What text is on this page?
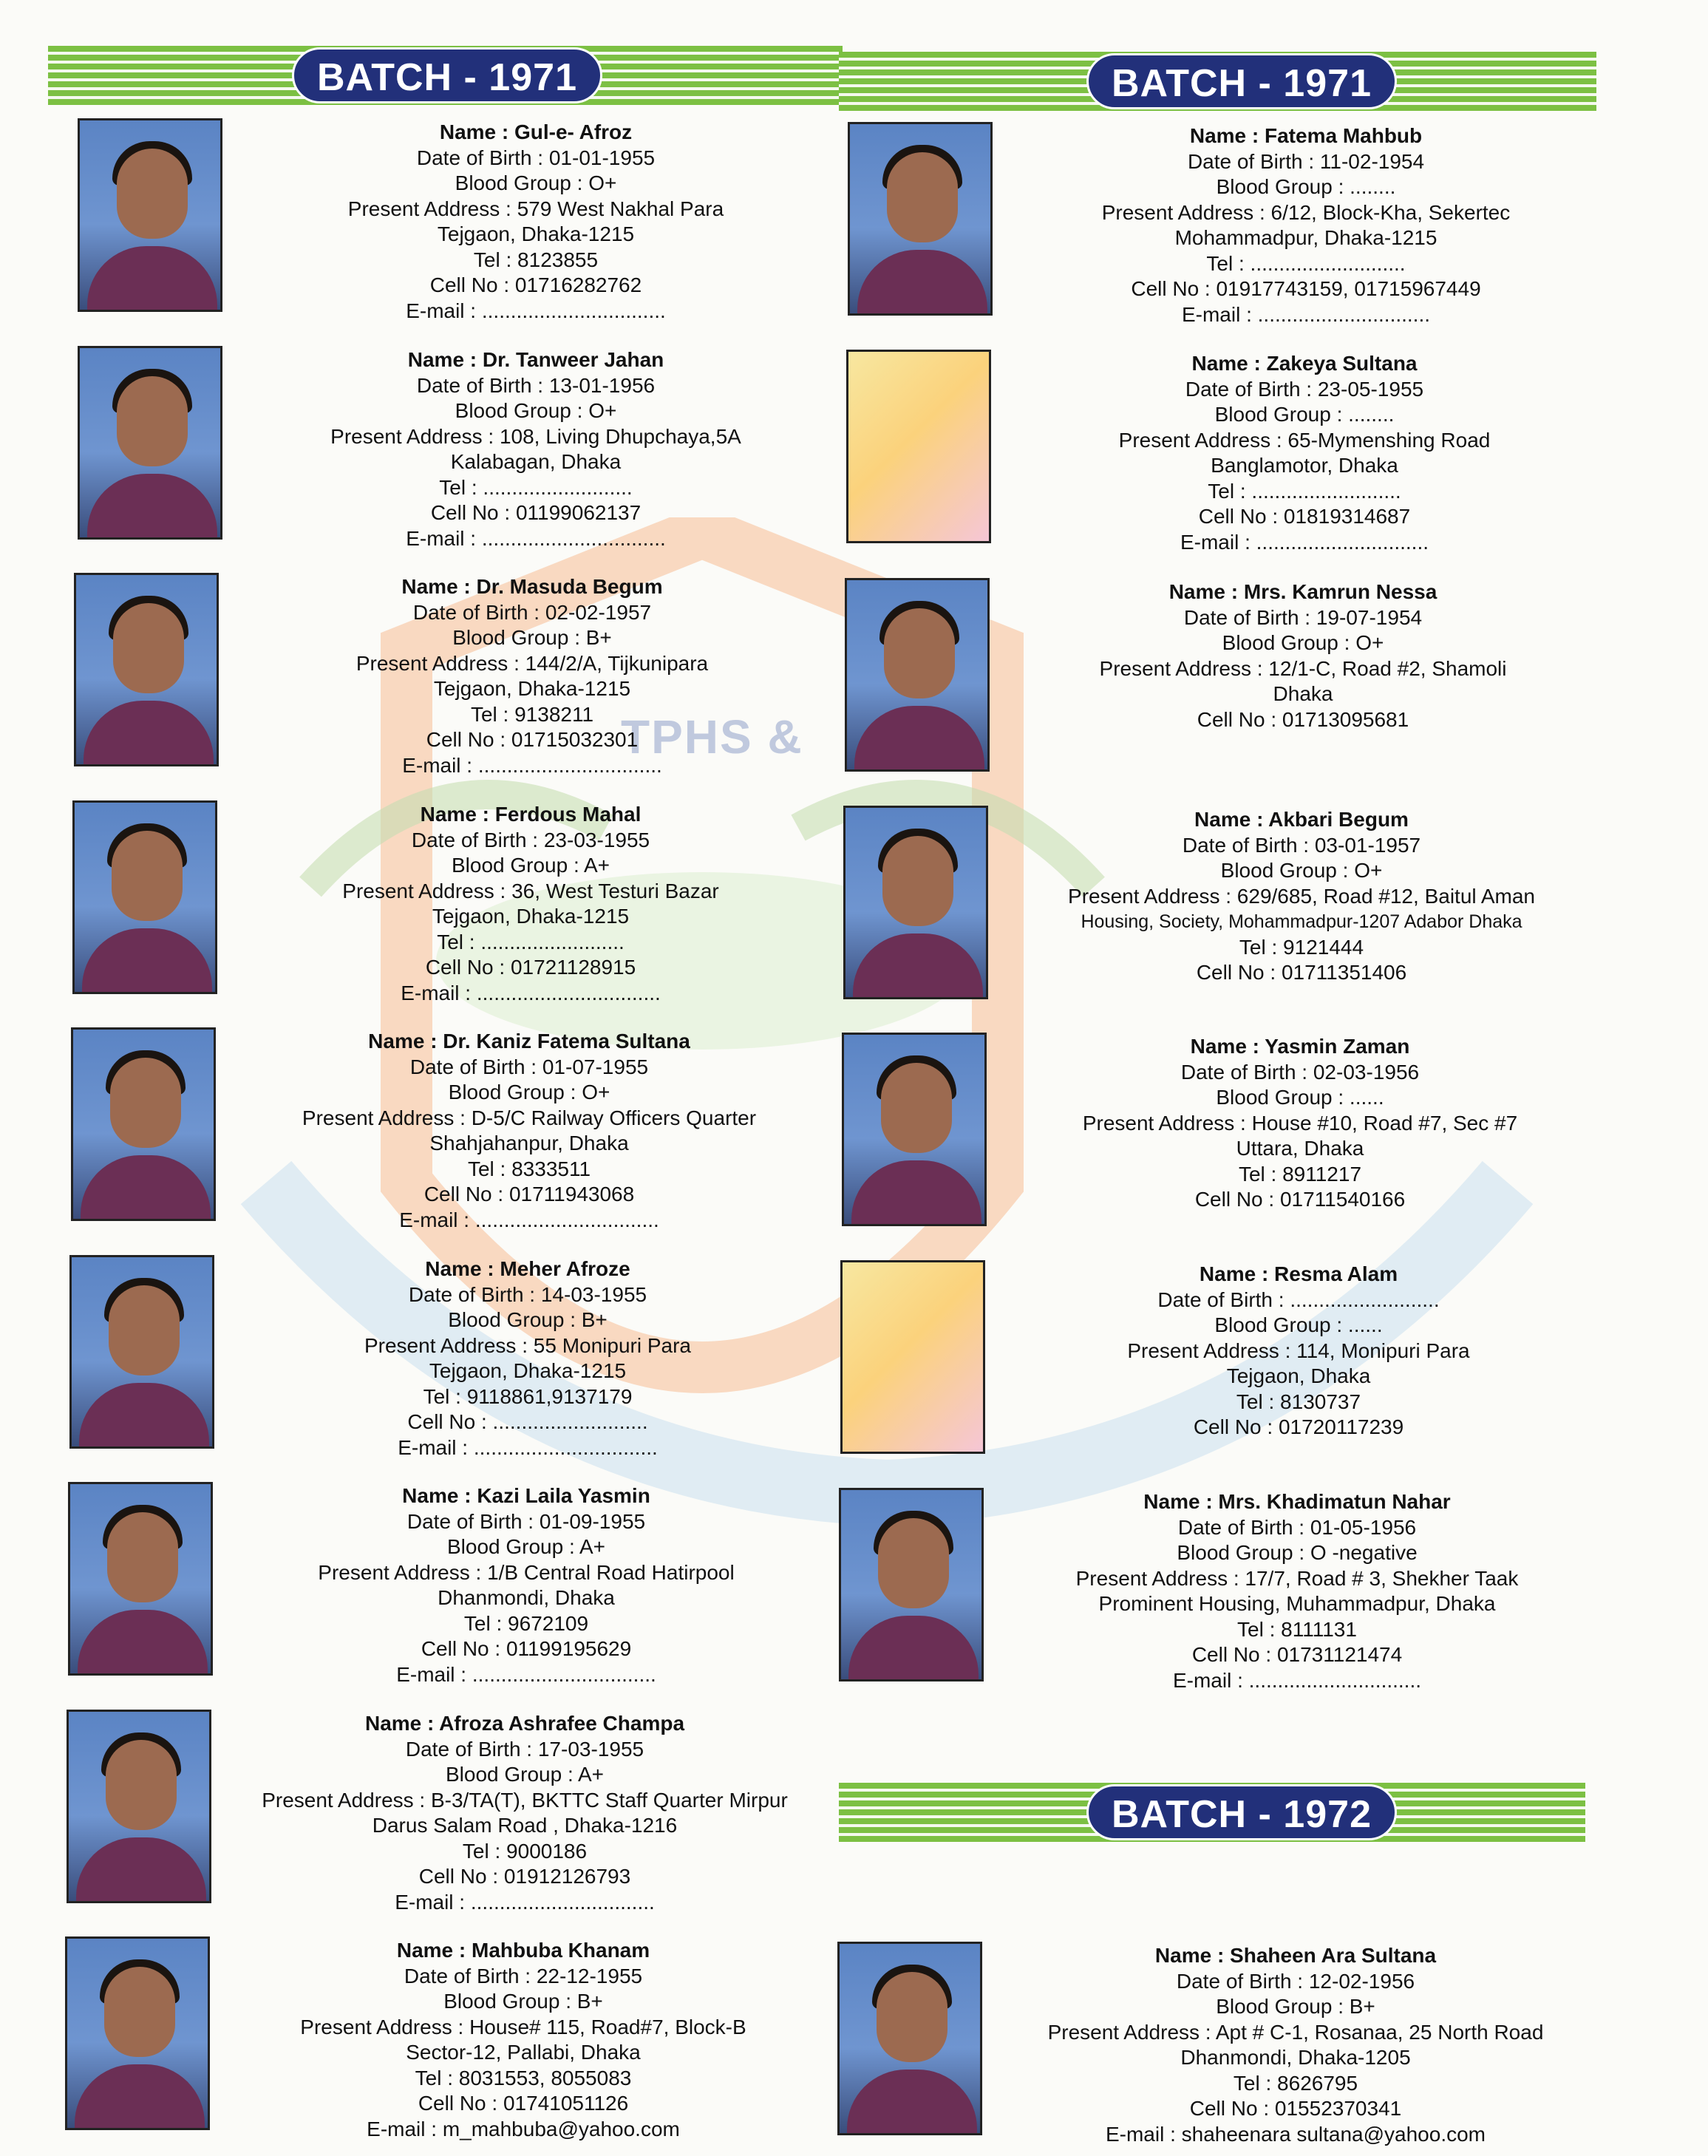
TPHS &
BATCH - 1971	BATCH - 1971
BATCH - 1972
Name : Gul-e- Afroz
Date of Birth : 01-01-1955
Blood Group : O+
Present Address : 579 West Nakhal Para
Tejgaon, Dhaka-1215
Tel : 8123855
Cell No : 01716282762
E-mail : ................................
Name : Dr. Tanweer Jahan
Date of Birth : 13-01-1956
Blood Group : O+
Present Address : 108, Living Dhupchaya,5A
Kalabagan, Dhaka
Tel : ..........................
Cell No : 01199062137
E-mail : ................................
Name : Dr. Masuda Begum
Date of Birth : 02-02-1957
Blood Group : B+
Present Address : 144/2/A, Tijkunipara
Tejgaon, Dhaka-1215
Tel : 9138211
Cell No : 01715032301
E-mail : ................................
Name : Ferdous Mahal
Date of Birth : 23-03-1955
Blood Group : A+
Present Address : 36, West Testuri Bazar
Tejgaon, Dhaka-1215
Tel : .........................
Cell No : 01721128915
E-mail : ................................
Name : Dr. Kaniz Fatema Sultana
Date of Birth : 01-07-1955
Blood Group : O+
Present Address : D-5/C Railway Officers Quarter
Shahjahanpur, Dhaka
Tel : 8333511
Cell No : 01711943068
E-mail : ................................
Name : Meher Afroze
Date of Birth : 14-03-1955
Blood Group : B+
Present Address : 55 Monipuri Para
Tejgaon, Dhaka-1215
Tel : 9118861,9137179
Cell No : ...........................
E-mail : ................................
Name : Kazi Laila Yasmin
Date of Birth : 01-09-1955
Blood Group : A+
Present Address : 1/B Central Road Hatirpool
Dhanmondi, Dhaka
Tel : 9672109
Cell No : 01199195629
E-mail : ................................
Name : Afroza Ashrafee Champa
Date of Birth : 17-03-1955
Blood Group : A+
Present Address : B-3/TA(T), BKTTC Staff Quarter Mirpur
Darus Salam Road , Dhaka-1216
Tel : 9000186
Cell No : 01912126793
E-mail : ................................
Name : Mahbuba Khanam
Date of Birth : 22-12-1955
Blood Group : B+
Present Address : House# 115, Road#7, Block-B
Sector-12, Pallabi, Dhaka
Tel : 8031553, 8055083
Cell No : 01741051126
E-mail : m_mahbuba@yahoo.com
Name : Fatema Mahbub
Date of Birth : 11-02-1954
Blood Group : ........
Present Address : 6/12, Block-Kha, Sekertec
Mohammadpur, Dhaka-1215
Tel : ...........................
Cell No : 01917743159, 01715967449
E-mail : ..............................
Name : Zakeya Sultana
Date of Birth : 23-05-1955
Blood Group : ........
Present Address : 65-Mymenshing Road
Banglamotor, Dhaka
Tel : ..........................
Cell No : 01819314687
E-mail : ..............................
Name : Mrs. Kamrun Nessa
Date of Birth : 19-07-1954
Blood Group : O+
Present Address : 12/1-C, Road #2, Shamoli
Dhaka
Cell No : 01713095681
Name : Akbari Begum
Date of Birth : 03-01-1957
Blood Group : O+
Present Address : 629/685, Road #12, Baitul Aman
Housing, Society, Mohammadpur-1207 Adabor Dhaka
Tel : 9121444
Cell No : 01711351406
Name : Yasmin Zaman
Date of Birth : 02-03-1956
Blood Group : ......
Present Address : House #10, Road #7, Sec #7
Uttara, Dhaka
Tel : 8911217
Cell No : 01711540166
Name : Resma Alam
Date of Birth : ..........................
Blood Group : ......
Present Address : 114, Monipuri Para
Tejgaon, Dhaka
Tel : 8130737
Cell No : 01720117239
Name : Mrs. Khadimatun Nahar
Date of Birth : 01-05-1956
Blood Group : O -negative
Present Address : 17/7, Road # 3, Shekher Taak
Prominent Housing, Muhammadpur, Dhaka
Tel : 8111131
Cell No : 01731121474
E-mail : ..............................
Name : Shaheen Ara Sultana
Date of Birth : 12-02-1956
Blood Group : B+
Present Address : Apt # C-1, Rosanaa, 25 North Road
Dhanmondi, Dhaka-1205
Tel : 8626795
Cell No : 01552370341
E-mail : shaheenara sultana@yahoo.com
